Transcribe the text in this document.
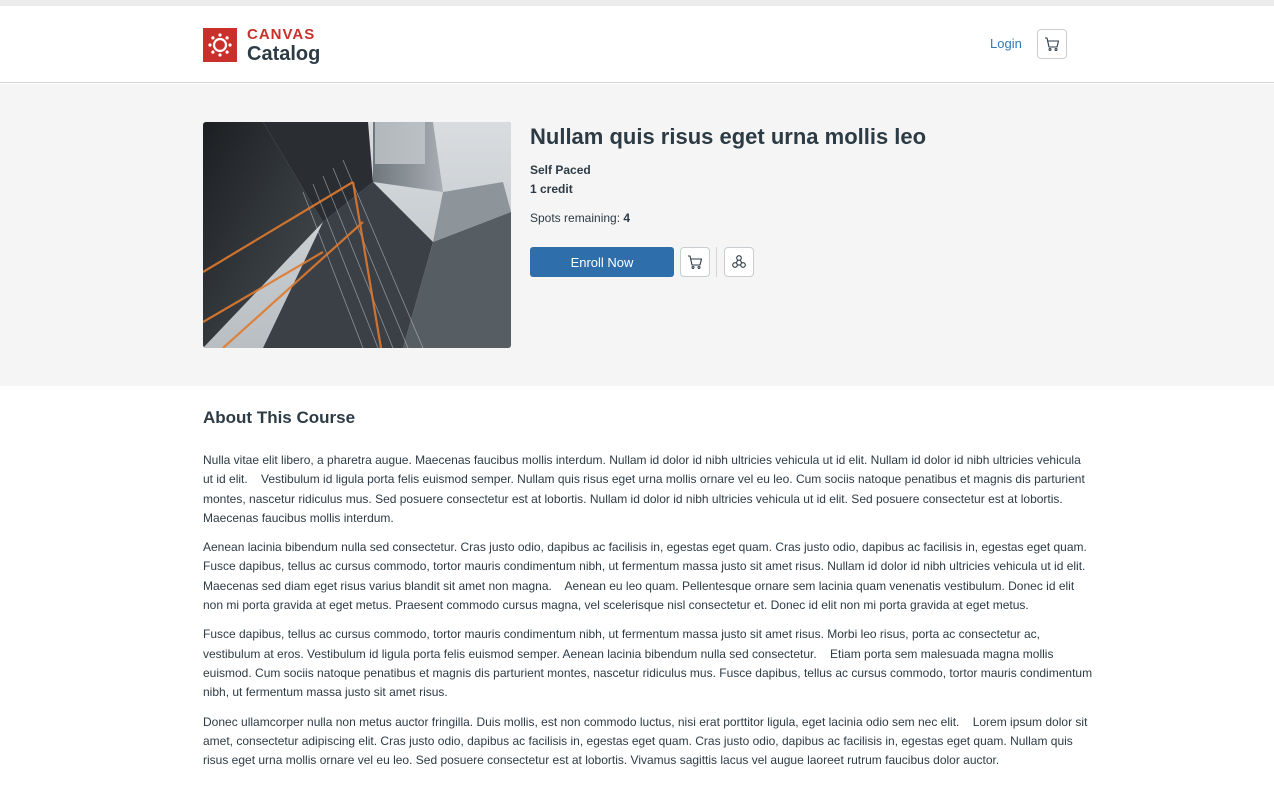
CANVAS
Catalog	Login
Nullam quis risus eget urna mollis leo
Self Paced
1 credit
Spots remaining: 4
Enroll Now
About This Course

Nulla vitae elit libero, a pharetra augue. Maecenas faucibus mollis interdum. Nullam id dolor id nibh ultricies vehicula ut id elit. Nullam id dolor id nibh ultricies vehicula ut id elit.    Vestibulum id ligula porta felis euismod semper. Nullam quis risus eget urna mollis ornare vel eu leo. Cum sociis natoque penatibus et magnis dis parturient montes, nascetur ridiculus mus. Sed posuere consectetur est at lobortis. Nullam id dolor id nibh ultricies vehicula ut id elit. Sed posuere consectetur est at lobortis. Maecenas faucibus mollis interdum.

Aenean lacinia bibendum nulla sed consectetur. Cras justo odio, dapibus ac facilisis in, egestas eget quam. Cras justo odio, dapibus ac facilisis in, egestas eget quam. Fusce dapibus, tellus ac cursus commodo, tortor mauris condimentum nibh, ut fermentum massa justo sit amet risus. Nullam id dolor id nibh ultricies vehicula ut id elit. Maecenas sed diam eget risus varius blandit sit amet non magna.    Aenean eu leo quam. Pellentesque ornare sem lacinia quam venenatis vestibulum. Donec id elit non mi porta gravida at eget metus. Praesent commodo cursus magna, vel scelerisque nisl consectetur et. Donec id elit non mi porta gravida at eget metus.

Fusce dapibus, tellus ac cursus commodo, tortor mauris condimentum nibh, ut fermentum massa justo sit amet risus. Morbi leo risus, porta ac consectetur ac, vestibulum at eros. Vestibulum id ligula porta felis euismod semper. Aenean lacinia bibendum nulla sed consectetur.    Etiam porta sem malesuada magna mollis euismod. Cum sociis natoque penatibus et magnis dis parturient montes, nascetur ridiculus mus. Fusce dapibus, tellus ac cursus commodo, tortor mauris condimentum nibh, ut fermentum massa justo sit amet risus.

Donec ullamcorper nulla non metus auctor fringilla. Duis mollis, est non commodo luctus, nisi erat porttitor ligula, eget lacinia odio sem nec elit.    Lorem ipsum dolor sit amet, consectetur adipiscing elit. Cras justo odio, dapibus ac facilisis in, egestas eget quam. Cras justo odio, dapibus ac facilisis in, egestas eget quam. Nullam quis risus eget urna mollis ornare vel eu leo. Sed posuere consectetur est at lobortis. Vivamus sagittis lacus vel augue laoreet rutrum faucibus dolor auctor.
